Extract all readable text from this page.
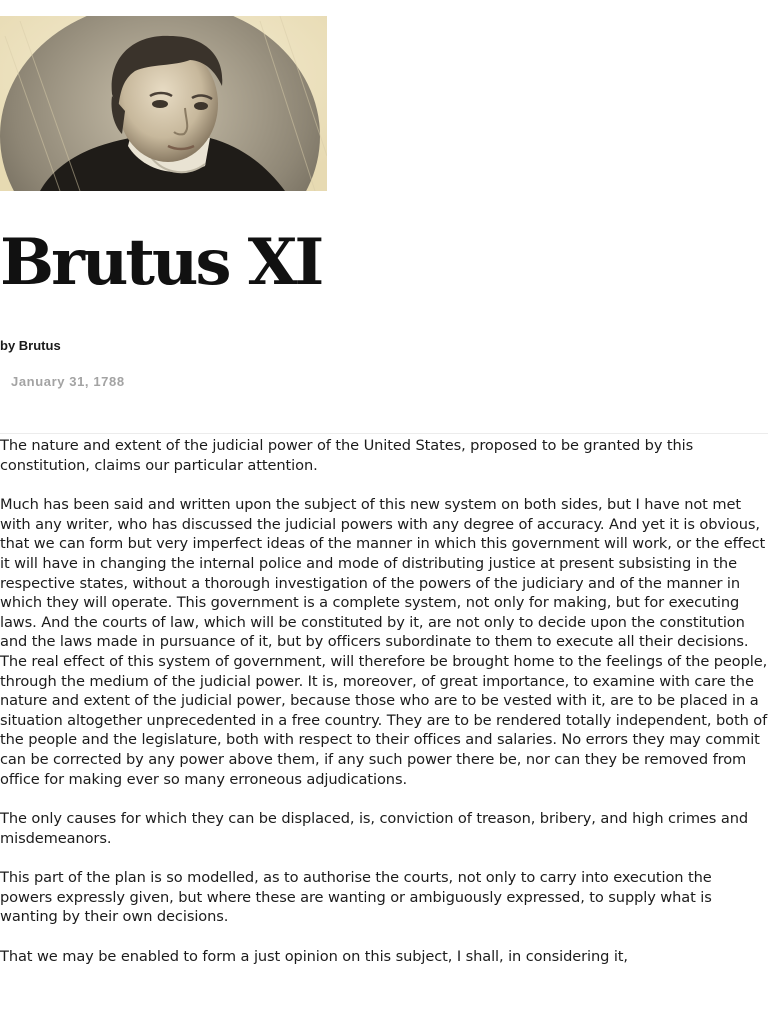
Brutus XI
by Brutus
January 31, 1788

The nature and extent of the judicial power of the United States, proposed to be granted by this constitution, claims our particular attention.

Much has been said and written upon the subject of this new system on both sides, but I have not met with any writer, who has discussed the judicial powers with any degree of accuracy. And yet it is obvious, that we can form but very imperfect ideas of the manner in which this government will work, or the effect it will have in changing the internal police and mode of distributing justice at present subsisting in the respective states, without a thorough investigation of the powers of the judiciary and of the manner in which they will operate. This government is a complete system, not only for making, but for executing laws. And the courts of law, which will be constituted by it, are not only to decide upon the constitution and the laws made in pursuance of it, but by officers subordinate to them to execute all their decisions. The real effect of this system of government, will therefore be brought home to the feelings of the people, through the medium of the judicial power. It is, moreover, of great importance, to examine with care the nature and extent of the judicial power, because those who are to be vested with it, are to be placed in a situation altogether unprecedented in a free country. They are to be rendered totally independent, both of the people and the legislature, both with respect to their offices and salaries. No errors they may commit can be corrected by any power above them, if any such power there be, nor can they be removed from office for making ever so many erroneous adjudications.

The only causes for which they can be displaced, is, conviction of treason, bribery, and high crimes and misdemeanors.

This part of the plan is so modelled, as to authorise the courts, not only to carry into execution the powers expressly given, but where these are wanting or ambiguously expressed, to supply what is wanting by their own decisions.

That we may be enabled to form a just opinion on this subject, I shall, in considering it,
